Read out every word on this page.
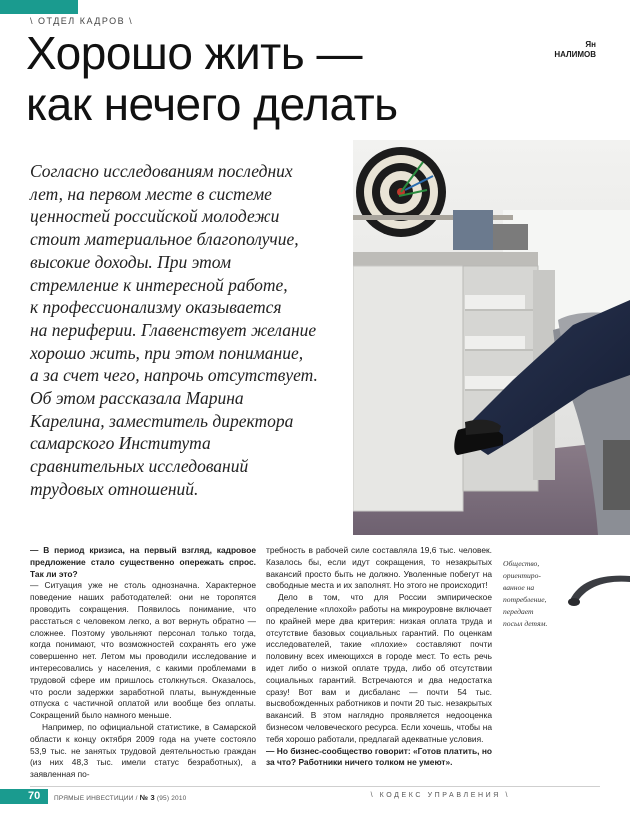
\ ОТДЕЛ КАДРОВ \
Хорошо жить —
как нечего делать
Ян
НАЛИМОВ
Согласно исследованиям последних
лет, на первом месте в системе
ценностей российской молодежи
стоит материальное благополучие,
высокие доходы. При этом
стремление к интересной работе,
к профессионализму оказывается
на периферии. Главенствует желание
хорошо жить, при этом понимание,
а за счет чего, напрочь отсутствует.
Об этом рассказала Марина
Карелина, заместитель директора
самарского Института
сравнительных исследований
трудовых отношений.

— В период кризиса, на первый взгляд, кадровое предложение стало существенно опережать спрос. Так ли это?

— Ситуация уже не столь однозначна. Характерное поведение наших работодателей: они не торопятся проводить сокращения. Появилось понимание, что расстаться с человеком легко, а вот вернуть обратно — сложнее. Поэтому увольняют персонал только тогда, когда понимают, что возможностей сохранять его уже совершенно нет. Летом мы проводили исследование и интересовались у населения, с какими проблемами в трудовой сфере им пришлось столкнуться. Оказалось, что росли задержки заработной платы, вынужденные отпуска с частичной оплатой или вообще без оплаты. Сокращений было намного меньше.

Например, по официальной статистике, в Самарской области к концу октября 2009 года на учете состояло 53,9 тыс. не занятых трудовой деятельностью граждан (из них 48,3 тыс. имели статус безработных), а заявленная по-

требность в рабочей силе составляла 19,6 тыс. человек. Казалось бы, если идут сокращения, то незакрытых вакансий просто быть не должно. Уволенные побегут на свободные места и их заполнят. Но этого не происходит!

Дело в том, что для России эмпирическое определение «плохой» работы на микроуровне включает по крайней мере два критерия: низкая оплата труда и отсутствие базовых социальных гарантий. По оценкам исследователей, такие «плохие» составляют почти половину всех имеющихся в городе мест. То есть речь идет либо о низкой оплате труда, либо об отсутствии социальных гарантий. Встречаются и два недостатка сразу! Вот вам и дисбаланс — почти 54 тыс. высвобожденных работников и почти 20 тыс. незакрытых вакансий. В этом наглядно проявляется недооценка бизнесом человеческого ресурса. Если хочешь, чтобы на тебя хорошо работали, предлагай адекватные условия.

— Но бизнес-сообщество говорит: «Готов платить, но за что? Работники ничего толком не умеют».

Общество,
ориентиро-
ванное на
потребление,
передает
посыл детям.
70 ПРЯМЫЕ ИНВЕСТИЦИИ / № 3 (95) 2010	\ КОДЕКС УПРАВЛЕНИЯ \
